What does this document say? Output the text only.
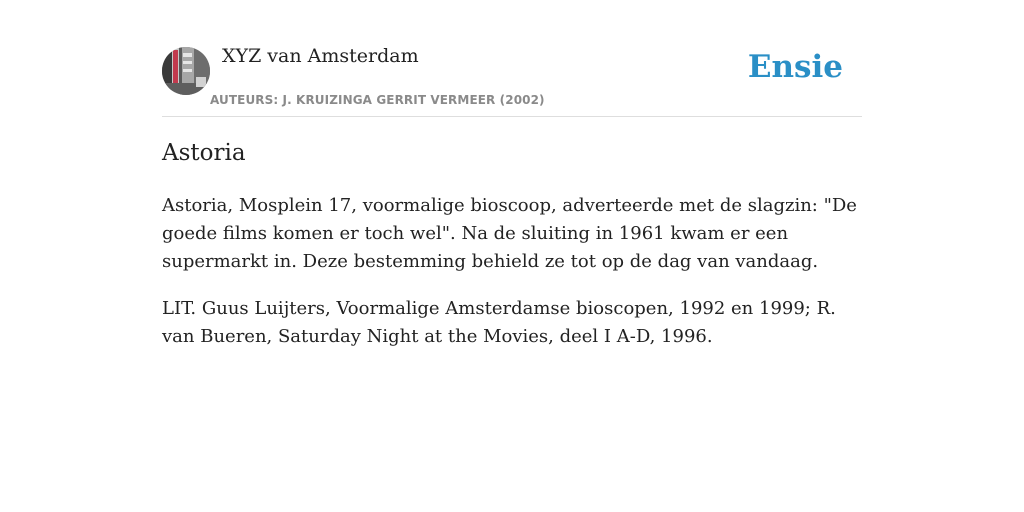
XYZ van Amsterdam
AUTEURS: J. KRUIZINGA GERRIT VERMEER (2002)
Ensie
Astoria

Astoria, Mosplein 17, voormalige bioscoop, adverteerde met de slagzin: "De goede films komen er toch wel". Na de sluiting in 1961 kwam er een supermarkt in. Deze bestemming behield ze tot op de dag van vandaag.

LIT. Guus Luijters, Voormalige Amsterdamse bioscopen, 1992 en 1999; R. van Bueren, Saturday Night at the Movies, deel I A-D, 1996.
